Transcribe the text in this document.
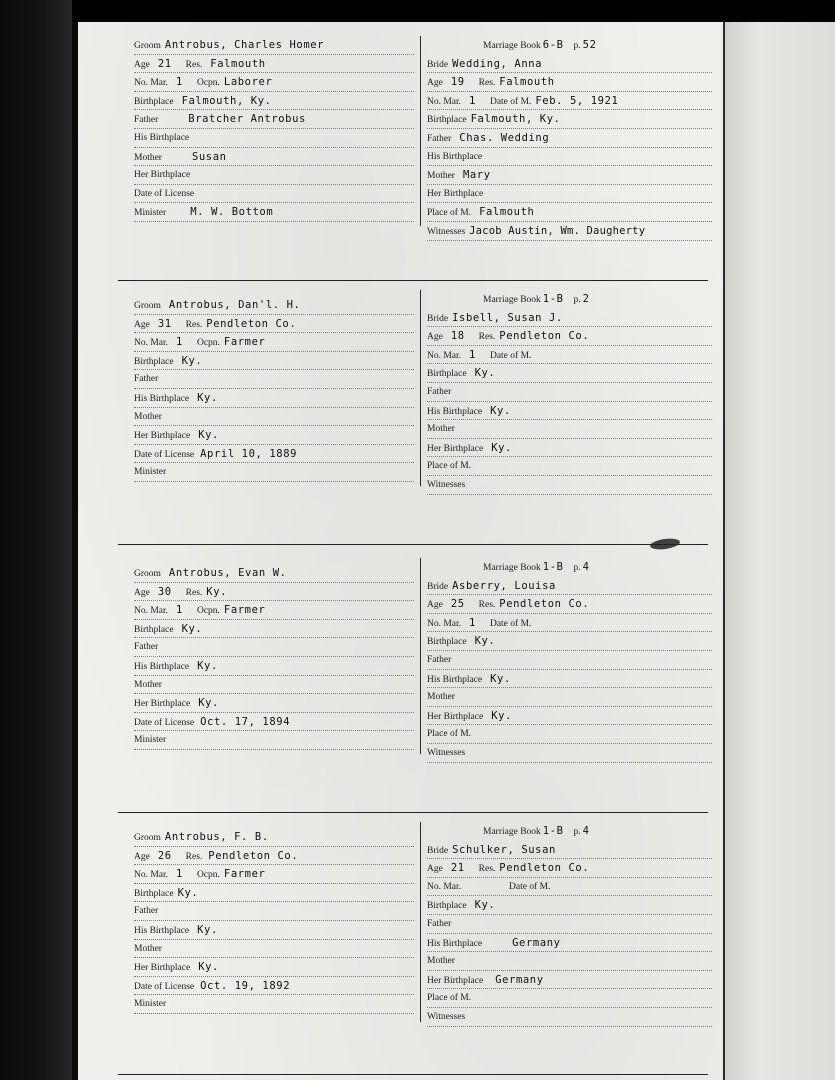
Groom Antrobus, Charles Homer
Age 21 Res. Falmouth
No. Mar. 1 Ocpn. Laborer
Birthplace Falmouth, Ky.
Father	Bratcher Antrobus
His Birthplace
Mother	Susan
Her Birthplace
Date of License
Minister M. W. Bottom
Marriage Book 6-B p. 52
Bride Wedding, Anna
Age 19 Res. Falmouth
No. Mar. 1 Date of M. Feb. 5, 1921
Birthplace Falmouth, Ky.
Father Chas. Wedding
His Birthplace
Mother Mary
Her Birthplace
Place of M. Falmouth
Witnesses Jacob Austin, Wm. Daugherty
Groom Antrobus, Dan'l. H.
Age 31 Res. Pendleton Co.
No. Mar. 1 Ocpn. Farmer
Birthplace Ky.
Father
His Birthplace Ky.
Mother
Her Birthplace Ky.
Date of License April 10, 1889
Minister
Marriage Book 1-B p. 2
Bride Isbell, Susan J.
Age 18 Res. Pendleton Co.
No. Mar. 1 Date of M.
Birthplace Ky.
Father
His Birthplace Ky.
Mother
Her Birthplace Ky.
Place of M.
Witnesses
Groom Antrobus, Evan W.
Age 30 Res. Ky.
No. Mar. 1 Ocpn. Farmer
Birthplace Ky.
Father
His Birthplace Ky.
Mother
Her Birthplace Ky.
Date of License Oct. 17, 1894
Minister
Marriage Book 1-B p. 4
Bride Asberry, Louisa
Age 25 Res. Pendleton Co.
No. Mar. 1 Date of M.
Birthplace Ky.
Father
His Birthplace Ky.
Mother
Her Birthplace Ky.
Place of M.
Witnesses
Groom Antrobus, F. B.
Age 26 Res. Pendleton Co.
No. Mar. 1 Ocpn. Farmer
Birthplace Ky.
Father
His Birthplace Ky.
Mother
Her Birthplace Ky.
Date of License Oct. 19, 1892
Minister
Marriage Book 1-B p. 4
Bride Schulker, Susan
Age 21 Res. Pendleton Co.
No. Mar.	Date of M.
Birthplace Ky.
Father
His Birthplace	Germany
Mother
Her Birthplace Germany
Place of M.
Witnesses
